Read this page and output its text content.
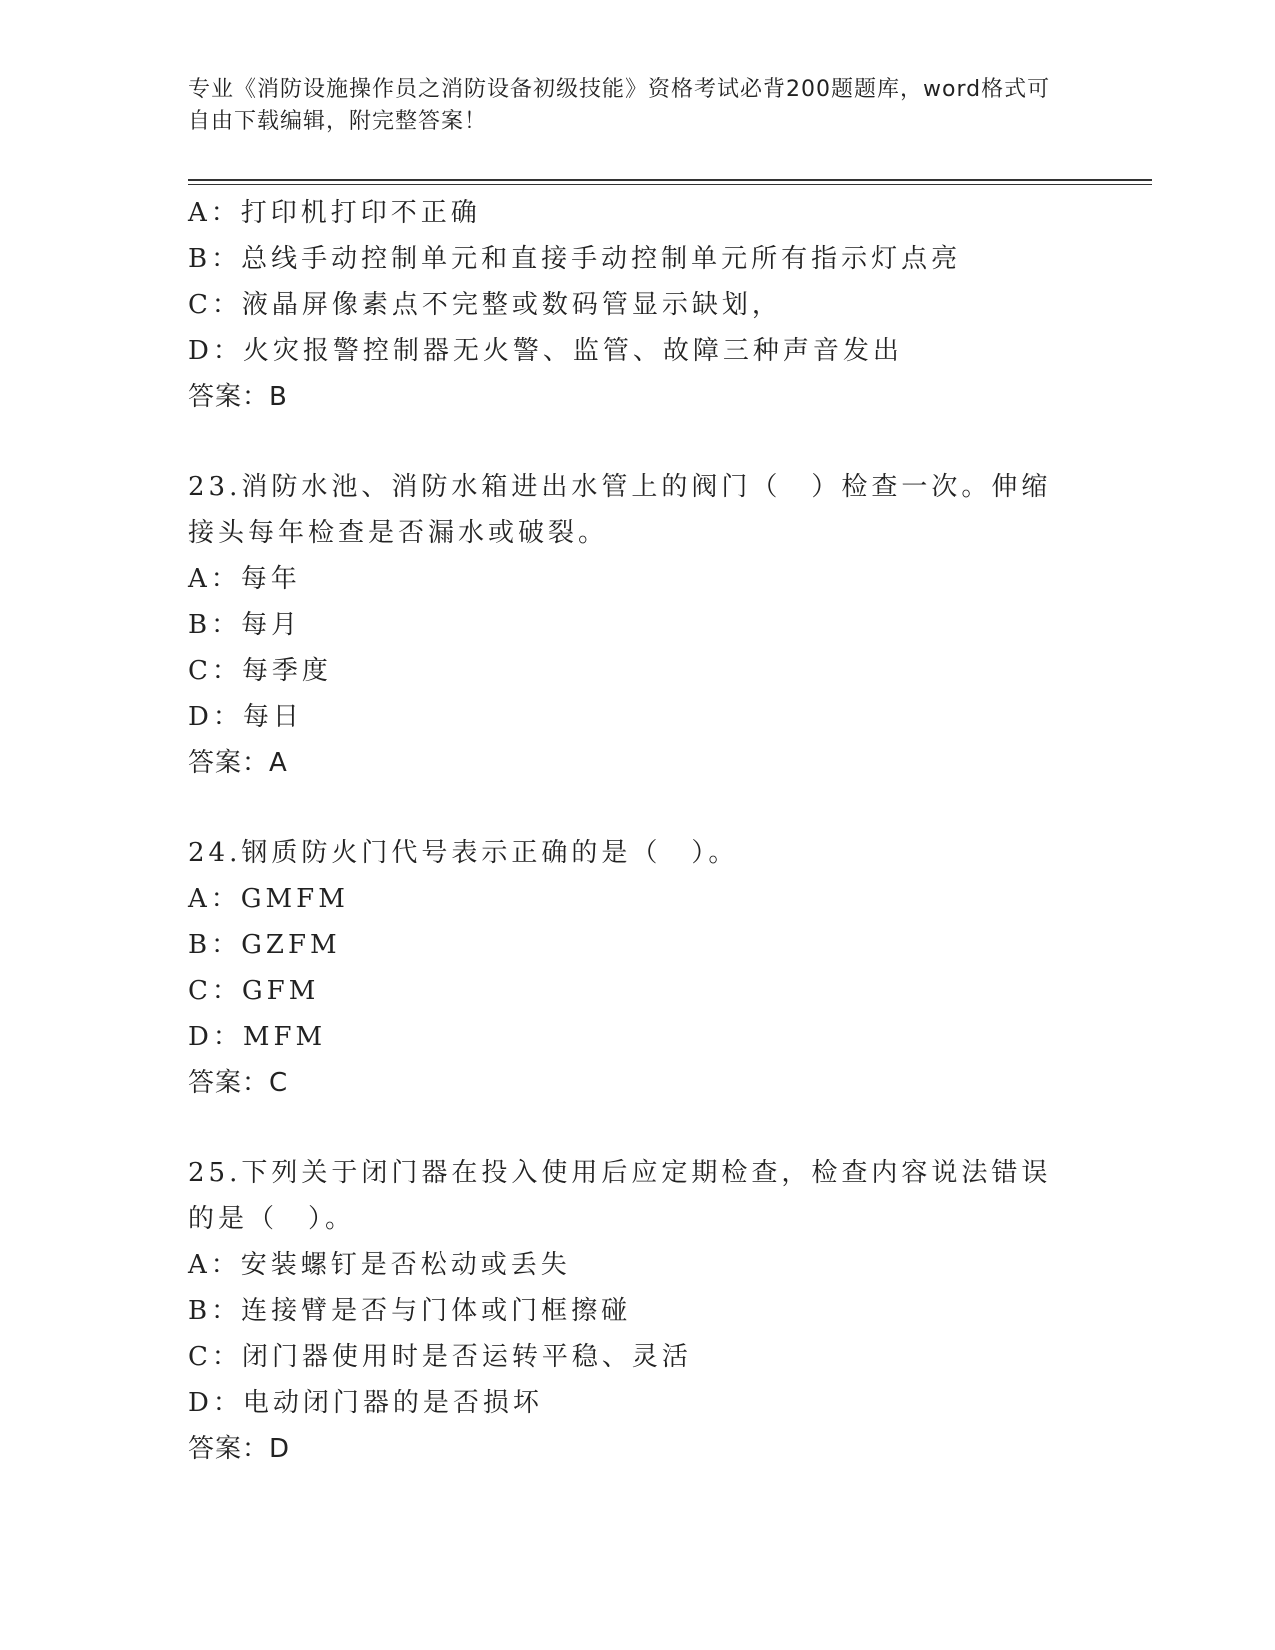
专业《消防设施操作员之消防设备初级技能》资格考试必背200题题库，word格式可自由下载编辑，附完整答案！
A：打印机打印不正确
B：总线手动控制单元和直接手动控制单元所有指示灯点亮
C：液晶屏像素点不完整或数码管显示缺划，
D：火灾报警控制器无火警、监管、故障三种声音发出
答案：B
23.消防水池、消防水箱进出水管上的阀门（　）检查一次。伸缩接头每年检查是否漏水或破裂。
A：每年
B：每月
C：每季度
D：每日
答案：A
24.钢质防火门代号表示正确的是（　）。
A：GMFM
B：GZFM
C：GFM
D：MFM
答案：C
25.下列关于闭门器在投入使用后应定期检查，检查内容说法错误的是（　）。
A：安装螺钉是否松动或丢失
B：连接臂是否与门体或门框擦碰
C：闭门器使用时是否运转平稳、灵活
D：电动闭门器的是否损坏
答案：D
